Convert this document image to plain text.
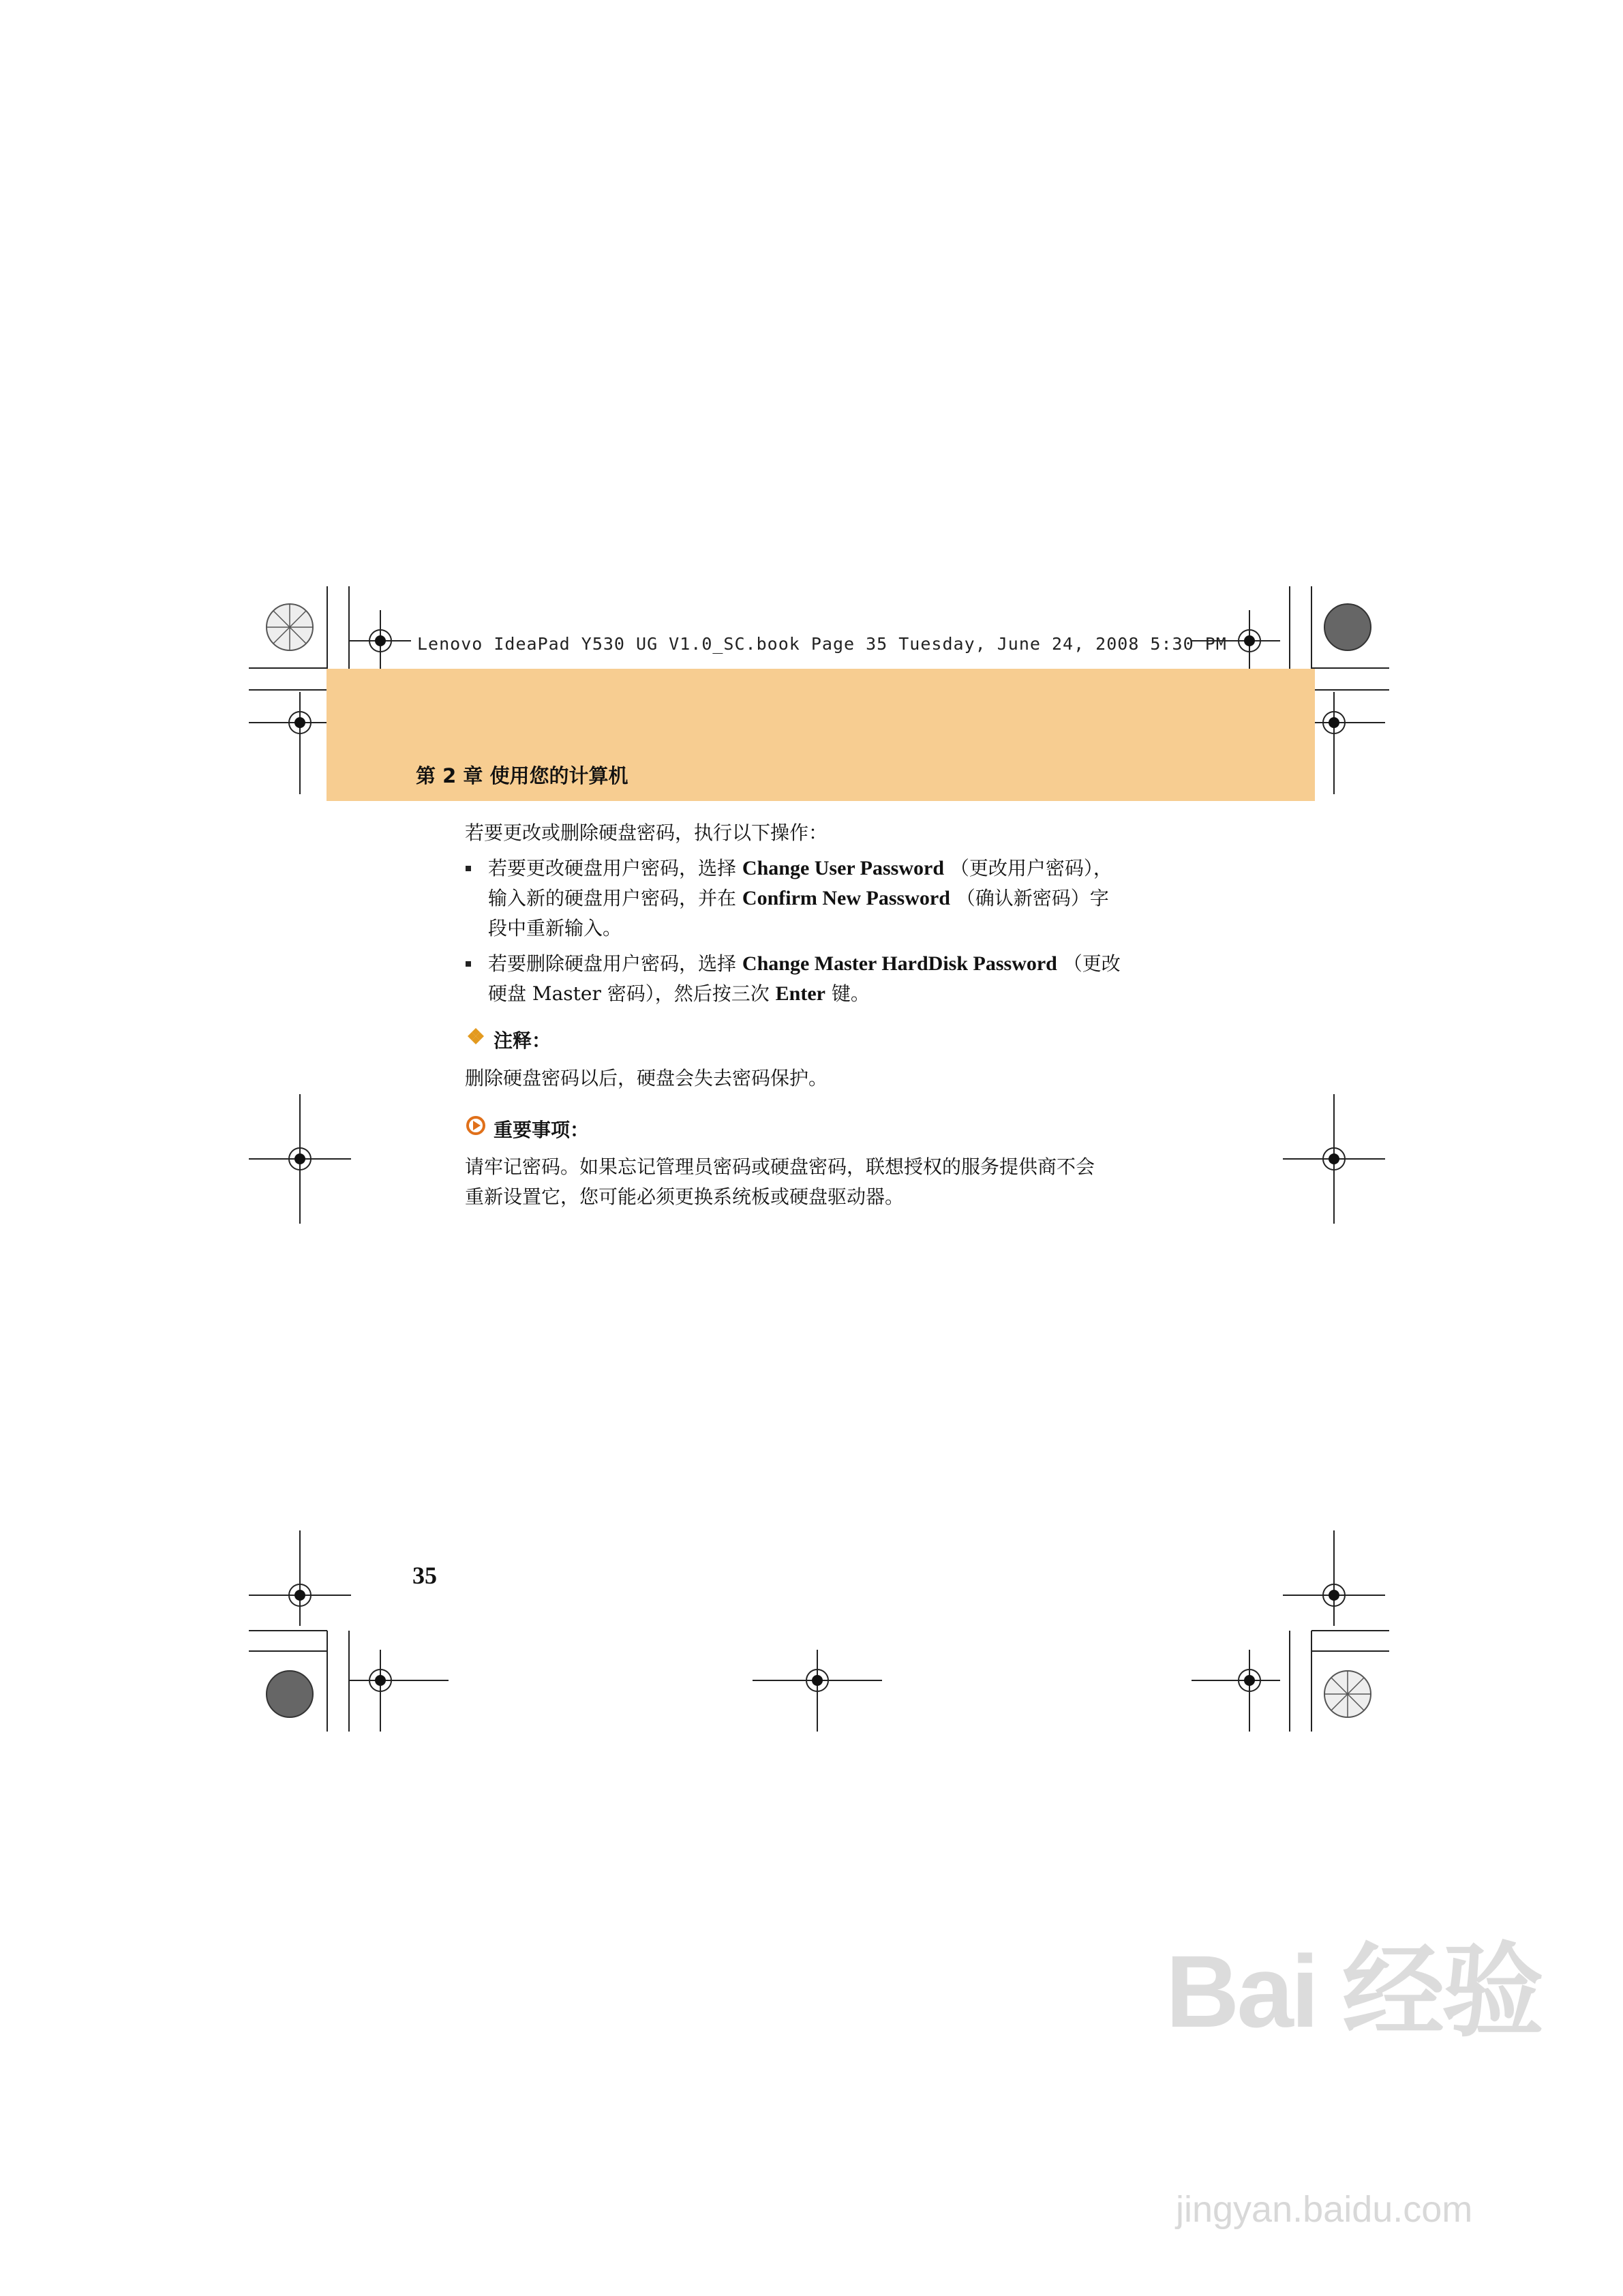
Lenovo IdeaPad Y530 UG V1.0_SC.book Page 35 Tuesday, June 24, 2008 5:30 PM
第 2 章 使用您的计算机
若要更改或删除硬盘密码，执行以下操作：
若要更改硬盘用户密码，选择 Change User Password （更改用户密码），
输入新的硬盘用户密码，并在 Confirm New Password （确认新密码）字
段中重新输入。
若要删除硬盘用户密码，选择 Change Master HardDisk Password （更改
硬盘 Master 密码），然后按三次 Enter 键。
注释：
删除硬盘密码以后，硬盘会失去密码保护。
重要事项：
请牢记密码。如果忘记管理员密码或硬盘密码，联想授权的服务提供商不会
重新设置它，您可能必须更换系统板或硬盘驱动器。
35
Bai 经验
jingyan.baidu.com
